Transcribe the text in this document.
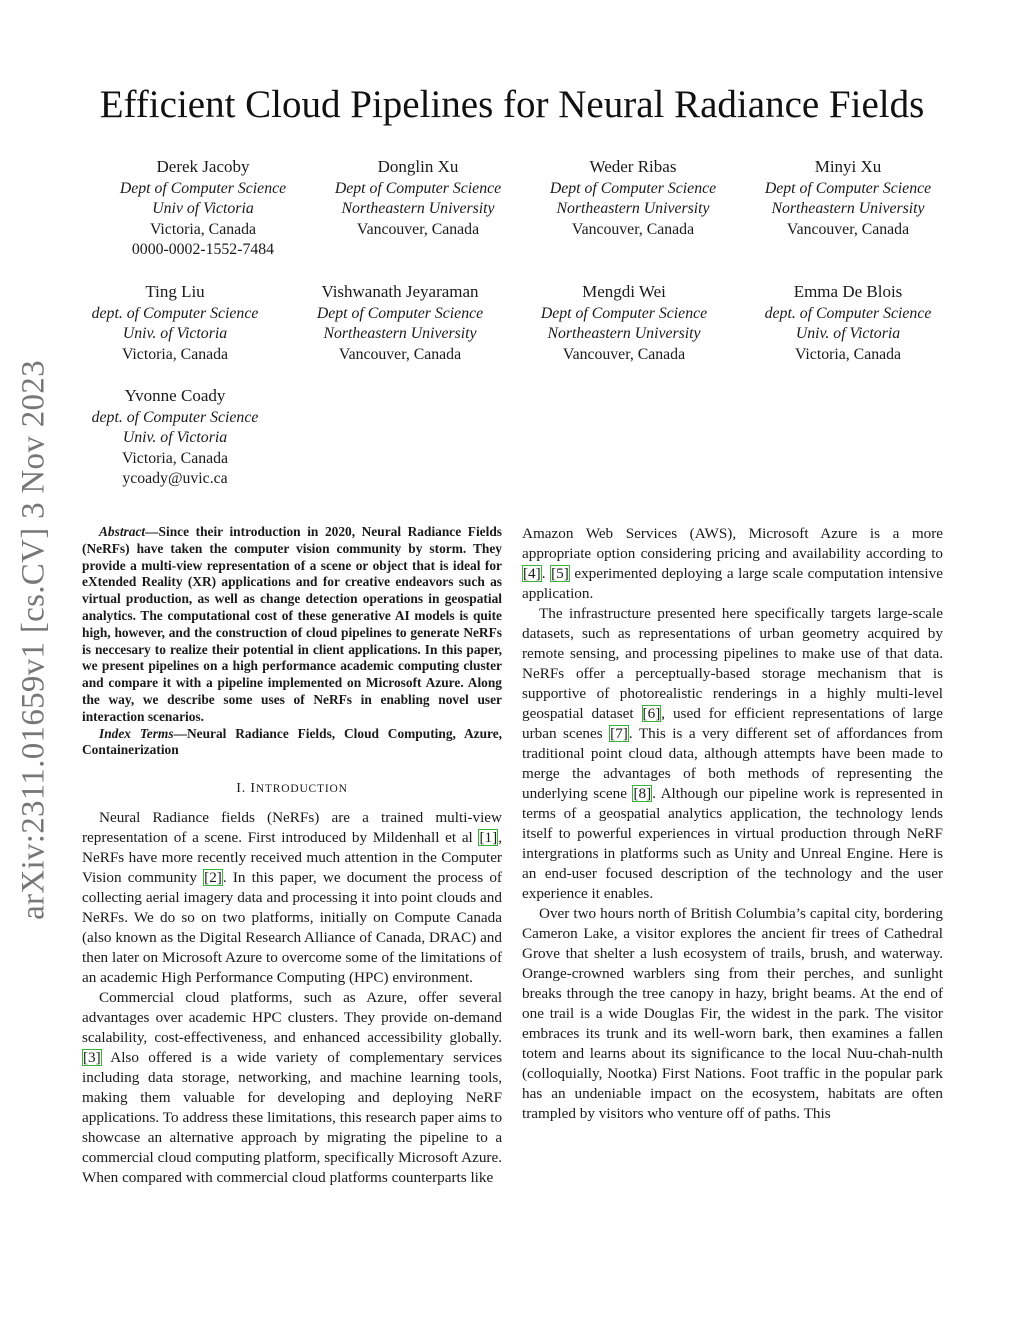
arXiv:2311.01659v1 [cs.CV] 3 Nov 2023
Efficient Cloud Pipelines for Neural Radiance Fields
Derek Jacoby
Dept of Computer Science
Univ of Victoria
Victoria, Canada
0000-0002-1552-7484
Donglin Xu
Dept of Computer Science
Northeastern University
Vancouver, Canada
Weder Ribas
Dept of Computer Science
Northeastern University
Vancouver, Canada
Minyi Xu
Dept of Computer Science
Northeastern University
Vancouver, Canada
Ting Liu
dept. of Computer Science
Univ. of Victoria
Victoria, Canada
Vishwanath Jeyaraman
Dept of Computer Science
Northeastern University
Vancouver, Canada
Mengdi Wei
Dept of Computer Science
Northeastern University
Vancouver, Canada
Emma De Blois
dept. of Computer Science
Univ. of Victoria
Victoria, Canada
Yvonne Coady
dept. of Computer Science
Univ. of Victoria
Victoria, Canada
ycoady@uvic.ca

Abstract—Since their introduction in 2020, Neural Radiance Fields (NeRFs) have taken the computer vision community by storm. They provide a multi-view representation of a scene or object that is ideal for eXtended Reality (XR) applications and for creative endeavors such as virtual production, as well as change detection operations in geospatial analytics. The computational cost of these generative AI models is quite high, however, and the construction of cloud pipelines to generate NeRFs is neccesary to realize their potential in client applications. In this paper, we present pipelines on a high performance academic computing cluster and compare it with a pipeline implemented on Microsoft Azure. Along the way, we describe some uses of NeRFs in enabling novel user interaction scenarios.

Index Terms—Neural Radiance Fields, Cloud Computing, Azure, Containerization

I. INTRODUCTION

Neural Radiance fields (NeRFs) are a trained multi-view representation of a scene. First introduced by Mildenhall et al [1], NeRFs have more recently received much attention in the Computer Vision community [2]. In this paper, we document the process of collecting aerial imagery data and processing it into point clouds and NeRFs. We do so on two platforms, initially on Compute Canada (also known as the Digital Research Alliance of Canada, DRAC) and then later on Microsoft Azure to overcome some of the limitations of an academic High Performance Computing (HPC) environment.

Commercial cloud platforms, such as Azure, offer several advantages over academic HPC clusters. They provide on-demand scalability, cost-effectiveness, and enhanced accessibility globally. [3] Also offered is a wide variety of complementary services including data storage, networking, and machine learning tools, making them valuable for developing and deploying NeRF applications. To address these limitations, this research paper aims to showcase an alternative approach by migrating the pipeline to a commercial cloud computing platform, specifically Microsoft Azure. When compared with commercial cloud platforms counterparts like

Amazon Web Services (AWS), Microsoft Azure is a more appropriate option considering pricing and availability according to [4]. [5] experimented deploying a large scale computation intensive application.

The infrastructure presented here specifically targets large-scale datasets, such as representations of urban geometry acquired by remote sensing, and processing pipelines to make use of that data. NeRFs offer a perceptually-based storage mechanism that is supportive of photorealistic renderings in a highly multi-level geospatial dataset [6], used for efficient representations of large urban scenes [7]. This is a very different set of affordances from traditional point cloud data, although attempts have been made to merge the advantages of both methods of representing the underlying scene [8]. Although our pipeline work is represented in terms of a geospatial analytics application, the technology lends itself to powerful experiences in virtual production through NeRF intergrations in platforms such as Unity and Unreal Engine. Here is an end-user focused description of the technology and the user experience it enables.

Over two hours north of British Columbia’s capital city, bordering Cameron Lake, a visitor explores the ancient fir trees of Cathedral Grove that shelter a lush ecosystem of trails, brush, and waterway. Orange-crowned warblers sing from their perches, and sunlight breaks through the tree canopy in hazy, bright beams. At the end of one trail is a wide Douglas Fir, the widest in the park. The visitor embraces its trunk and its well-worn bark, then examines a fallen totem and learns about its significance to the local Nuu-chah-nulth (colloquially, Nootka) First Nations. Foot traffic in the popular park has an undeniable impact on the ecosystem, habitats are often trampled by visitors who venture off of paths. This
